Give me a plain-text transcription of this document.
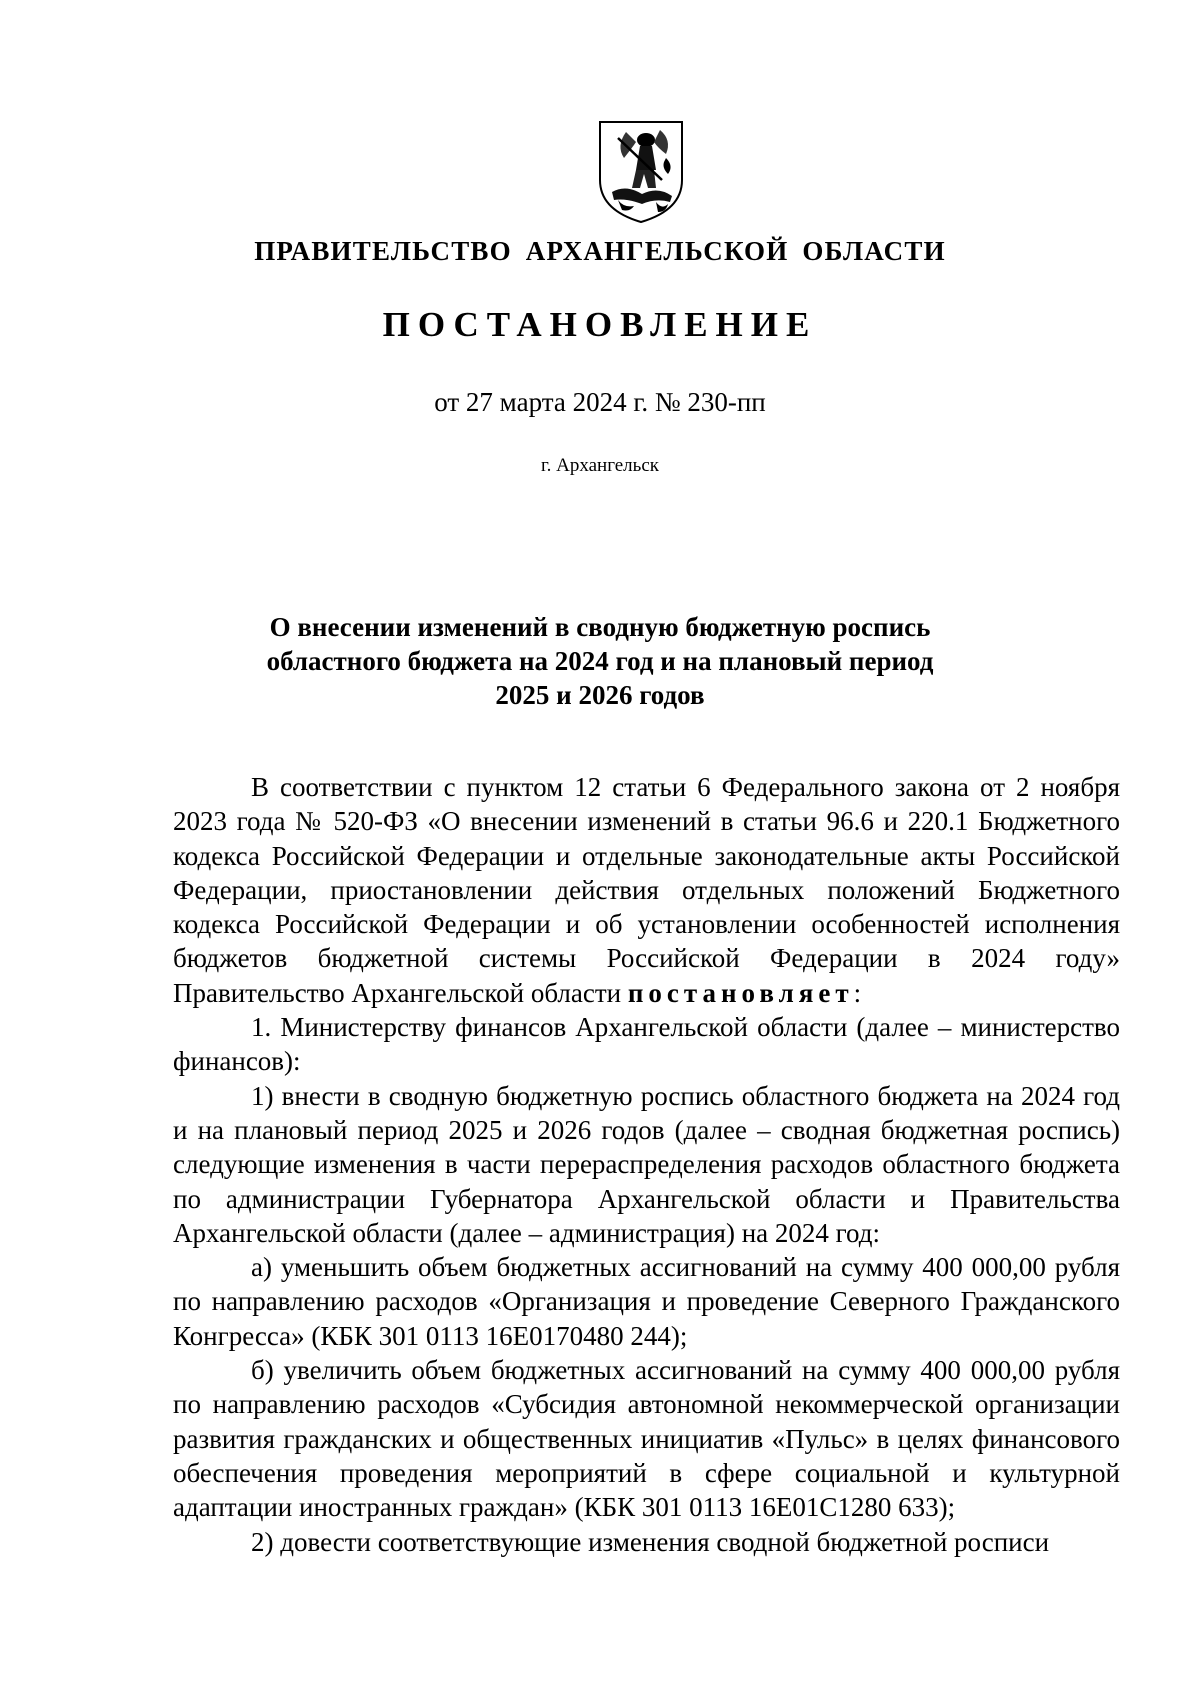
ПРАВИТЕЛЬСТВО АРХАНГЕЛЬСКОЙ ОБЛАСТИ
ПОСТАНОВЛЕНИЕ
от 27 марта 2024 г. № 230-пп
г. Архангельск
О внесении изменений в сводную бюджетную роспись
областного бюджета на 2024 год и на плановый период
2025 и 2026 годов

В соответствии с пунктом 12 статьи 6 Федерального закона от 2 ноября 2023 года № 520-ФЗ «О внесении изменений в статьи 96.6 и 220.1 Бюджетного кодекса Российской Федерации и отдельные законодательные акты Российской Федерации, приостановлении действия отдельных положений Бюджетного кодекса Российской Федерации и об установлении особенностей исполнения бюджетов бюджетной системы Российской Федерации в 2024 году» Правительство Архангельской области постановляет:

1. Министерству финансов Архангельской области (далее – министерство финансов):

1) внести в сводную бюджетную роспись областного бюджета на 2024 год и на плановый период 2025 и 2026 годов (далее – сводная бюджетная роспись) следующие изменения в части перераспределения расходов областного бюджета по администрации Губернатора Архангельской области и Правительства Архангельской области (далее – администрация) на 2024 год:

а) уменьшить объем бюджетных ассигнований на сумму 400 000,00 рубля по направлению расходов «Организация и проведение Северного Гражданского Конгресса» (КБК 301 0113 16Е0170480 244);

б) увеличить объем бюджетных ассигнований на сумму 400 000,00 рубля по направлению расходов «Субсидия автономной некоммерческой организации развития гражданских и общественных инициатив «Пульс» в целях финансового обеспечения проведения мероприятий в сфере социальной и культурной адаптации иностранных граждан» (КБК 301 0113 16Е01С1280 633);

2) довести соответствующие изменения сводной бюджетной росписи
